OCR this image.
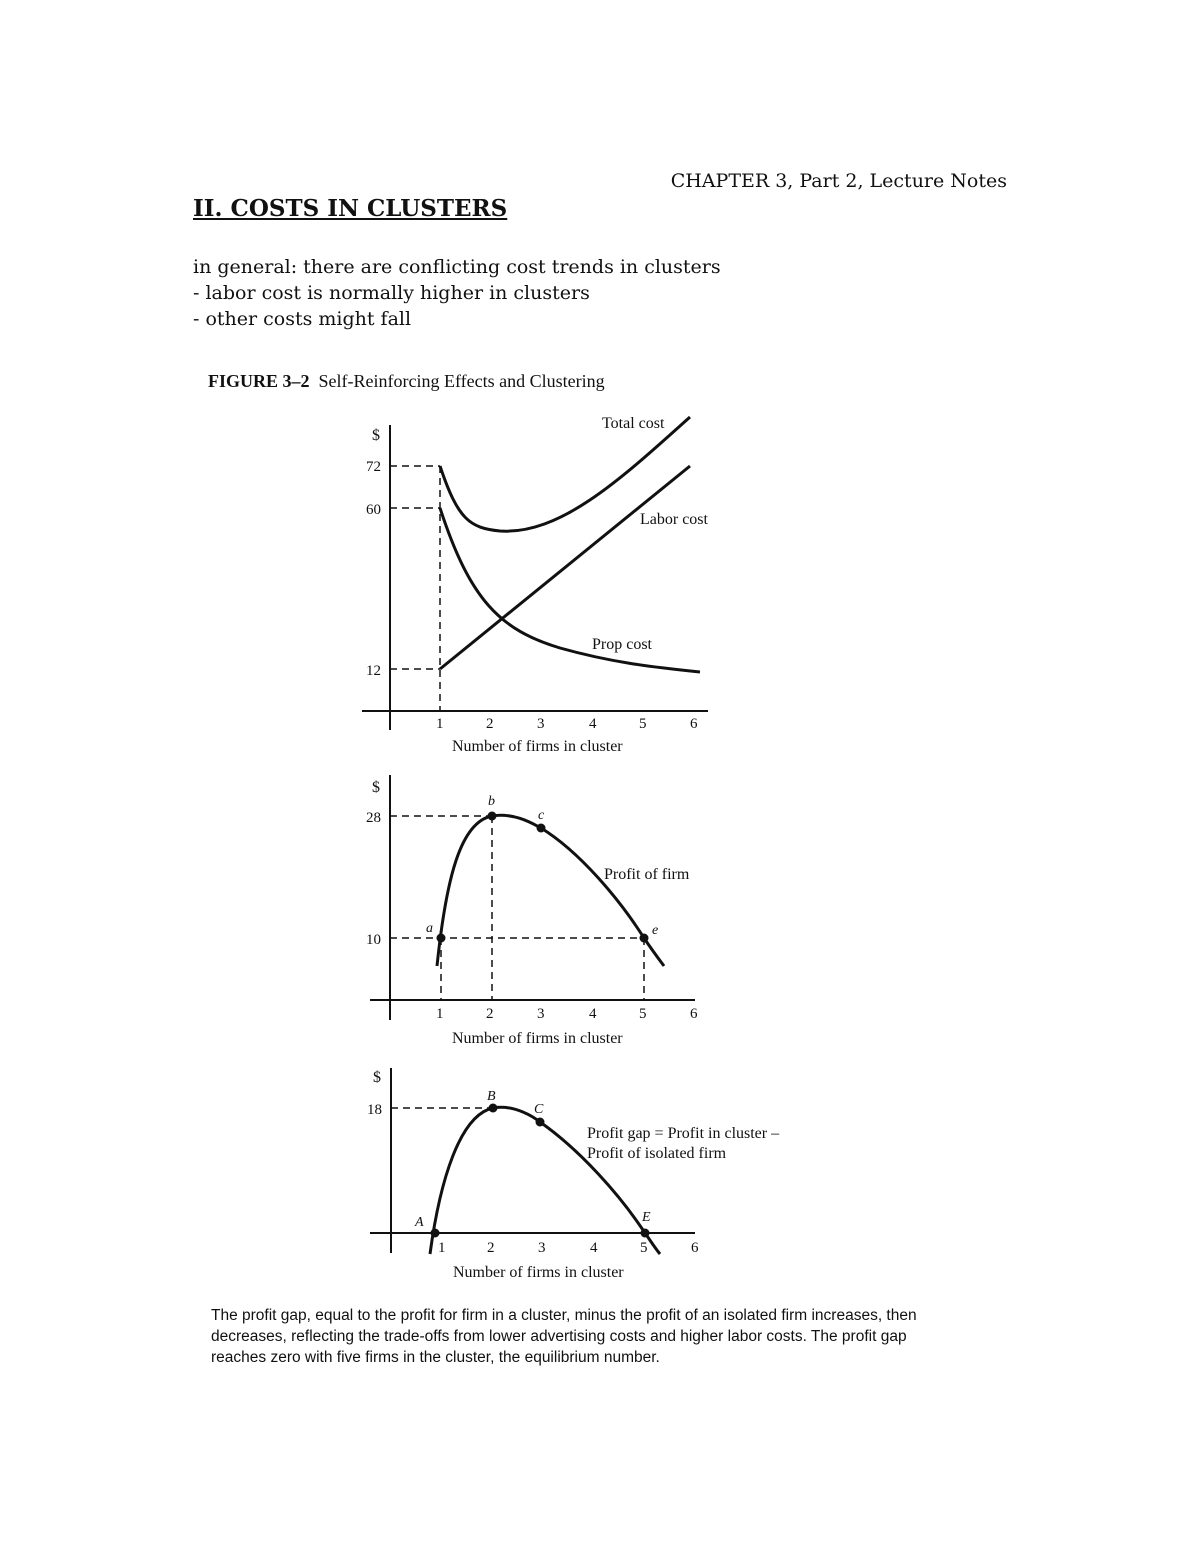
CHAPTER 3, Part 2, Lecture Notes
II. COSTS IN CLUSTERS
in general: there are conflicting cost trends in clusters
- labor cost is normally higher in clusters
- other costs might fall
FIGURE 3–2 Self-Reinforcing Effects and Clustering
$
72
60
12
Total cost
Labor cost
Prop cost
1	2	3	4	5	6
Number of firms in cluster
$
28
10
a
b
c
e
Profit of firm
1	2	3	4	5	6
Number of firms in cluster
$
18
A
B
C
E
Profit gap = Profit in cluster –
Profit of isolated firm
1	2	3	4	5	6
Number of firms in cluster
The profit gap, equal to the profit for firm in a cluster, minus the profit of an isolated firm increases, then decreases, reflecting the trade-offs from lower advertising costs and higher labor costs. The profit gap reaches zero with five firms in the cluster, the equilibrium number.
